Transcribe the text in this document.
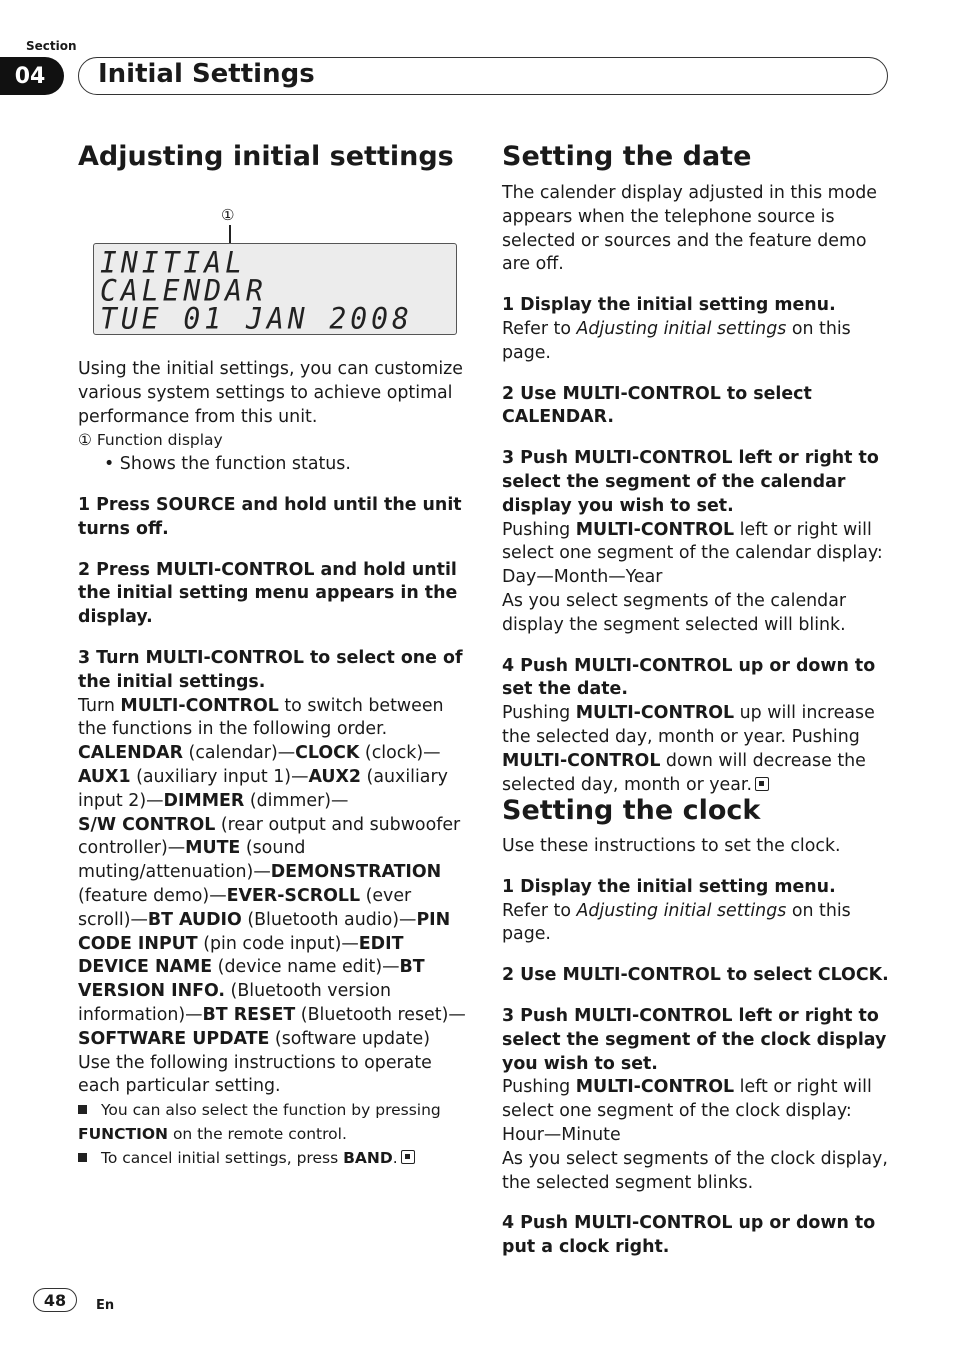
Section
04	Initial Settings
Adjusting initial settings
①
INITIAL
CALENDAR
TUE 01 JAN 2008

Using the initial settings, you can customize various system settings to achieve optimal performance from this unit.

① Function display

• Shows the function status.

1 Press SOURCE and hold until the unit turns off.

2 Press MULTI-CONTROL and hold until the initial setting menu appears in the display.

3 Turn MULTI-CONTROL to select one of the initial settings.

Turn MULTI-CONTROL to switch between the functions in the following order.

CALENDAR (calendar)—CLOCK (clock)—AUX1 (auxiliary input 1)—AUX2 (auxiliary input 2)—DIMMER (dimmer)—
S/W CONTROL (rear output and subwoofer controller)—MUTE (sound muting/attenuation)—DEMONSTRATION (feature demo)—EVER-SCROLL (ever scroll)—BT AUDIO (Bluetooth audio)—PIN CODE INPUT (pin code input)—EDIT DEVICE NAME (device name edit)—BT VERSION INFO. (Bluetooth version information)—BT RESET (Bluetooth reset)—SOFTWARE UPDATE (software update)

Use the following instructions to operate each particular setting.

You can also select the function by pressing FUNCTION on the remote control.

To cancel initial settings, press BAND.

Setting the date

The calender display adjusted in this mode appears when the telephone source is selected or sources and the feature demo are off.

1 Display the initial setting menu.

Refer to Adjusting initial settings on this page.

2 Use MULTI-CONTROL to select CALENDAR.

3 Push MULTI-CONTROL left or right to select the segment of the calendar display you wish to set.

Pushing MULTI-CONTROL left or right will select one segment of the calendar display:

Day—Month—Year

As you select segments of the calendar display the segment selected will blink.

4 Push MULTI-CONTROL up or down to set the date.

Pushing MULTI-CONTROL up will increase the selected day, month or year. Pushing MULTI-CONTROL down will decrease the selected day, month or year.

Setting the clock

Use these instructions to set the clock.

1 Display the initial setting menu.

Refer to Adjusting initial settings on this page.

2 Use MULTI-CONTROL to select CLOCK.

3 Push MULTI-CONTROL left or right to select the segment of the clock display you wish to set.

Pushing MULTI-CONTROL left or right will select one segment of the clock display:

Hour—Minute

As you select segments of the clock display, the selected segment blinks.

4 Push MULTI-CONTROL up or down to put a clock right.

48	En
